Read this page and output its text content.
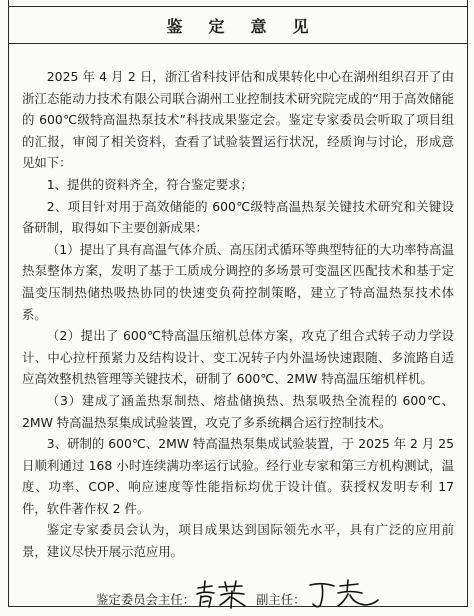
鉴定意见

2025 年 4 月 2 日，浙江省科技评估和成果转化中心在湖州组织召开了由浙江态能动力技术有限公司联合湖州工业控制技术研究院完成的“用于高效储能的 600℃级特高温热泵技术”科技成果鉴定会。鉴定专家委员会听取了项目组的汇报，审阅了相关资料，查看了试验装置运行状况，经质询与讨论，形成意见如下：

1、提供的资料齐全，符合鉴定要求；

2、项目针对用于高效储能的 600℃级特高温热泵关键技术研究和关键设备研制，取得如下主要创新成果：

（1）提出了具有高温气体介质、高压闭式循环等典型特征的大功率特高温热泵整体方案，发明了基于工质成分调控的多场景可变温区匹配技术和基于定温变压制热储热吸热协同的快速变负荷控制策略，建立了特高温热泵技术体系。

（2）提出了 600℃特高温压缩机总体方案，攻克了组合式转子动力学设计、中心拉杆预紧力及结构设计、变工况转子内外温场快速跟随、多流路自适应高效整机热管理等关键技术，研制了 600℃、2MW 特高温压缩机样机。

（3）建成了涵盖热泵制热、熔盐储换热、热泵吸热全流程的 600℃、2MW 特高温热泵集成试验装置，攻克了多系统耦合运行控制技术。

3、研制的 600℃、2MW 特高温热泵集成试验装置，于 2025 年 2 月 25 日顺利通过 168 小时连续满功率运行试验。经行业专家和第三方机构测试，温度、功率、COP、响应速度等性能指标均优于设计值。获授权发明专利 17 件，软件著作权 2 件。

鉴定专家委员会认为，项目成果达到国际领先水平，具有广泛的应用前景，建议尽快开展示范应用。

鉴定委员会主任：	副主任：
